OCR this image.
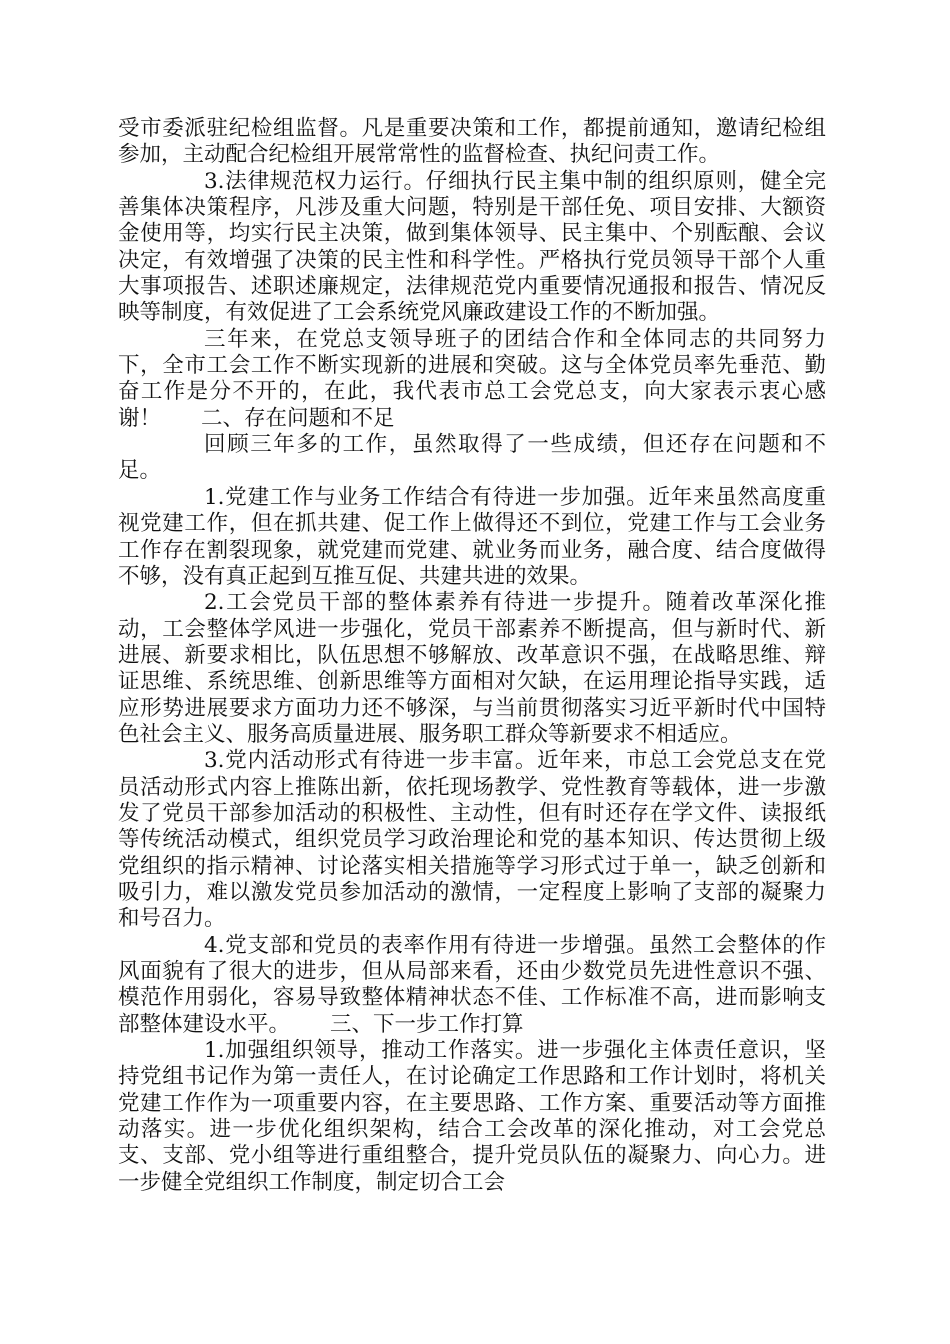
受市委派驻纪检组监督。凡是重要决策和工作，都提前通知，邀请纪检组参加，主动配合纪检组开展常常性的监督检查、执纪问责工作。

3.法律规范权力运行。仔细执行民主集中制的组织原则，健全完善集体决策程序，凡涉及重大问题，特别是干部任免、项目安排、大额资金使用等，均实行民主决策，做到集体领导、民主集中、个别酝酿、会议决定，有效增强了决策的民主性和科学性。严格执行党员领导干部个人重大事项报告、述职述廉规定，法律规范党内重要情况通报和报告、情况反映等制度，有效促进了工会系统党风廉政建设工作的不断加强。

三年来，在党总支领导班子的团结合作和全体同志的共同努力下，全市工会工作不断实现新的进展和突破。这与全体党员率先垂范、勤奋工作是分不开的，在此，我代表市总工会党总支，向大家表示衷心感谢！ 二、存在问题和不足

回顾三年多的工作，虽然取得了一些成绩，但还存在问题和不足。

1.党建工作与业务工作结合有待进一步加强。近年来虽然高度重视党建工作，但在抓共建、促工作上做得还不到位，党建工作与工会业务工作存在割裂现象，就党建而党建、就业务而业务，融合度、结合度做得不够，没有真正起到互推互促、共建共进的效果。

2.工会党员干部的整体素养有待进一步提升。随着改革深化推动，工会整体学风进一步强化，党员干部素养不断提高，但与新时代、新进展、新要求相比，队伍思想不够解放、改革意识不强，在战略思维、辩证思维、系统思维、创新思维等方面相对欠缺，在运用理论指导实践，适应形势进展要求方面功力还不够深，与当前贯彻落实习近平新时代中国特色社会主义、服务高质量进展、服务职工群众等新要求不相适应。

3.党内活动形式有待进一步丰富。近年来，市总工会党总支在党员活动形式内容上推陈出新，依托现场教学、党性教育等载体，进一步激发了党员干部参加活动的积极性、主动性，但有时还存在学文件、读报纸等传统活动模式，组织党员学习政治理论和党的基本知识、传达贯彻上级党组织的指示精神、讨论落实相关措施等学习形式过于单一，缺乏创新和吸引力，难以激发党员参加活动的激情，一定程度上影响了支部的凝聚力和号召力。

4.党支部和党员的表率作用有待进一步增强。虽然工会整体的作风面貌有了很大的进步，但从局部来看，还由少数党员先进性意识不强、模范作用弱化，容易导致整体精神状态不佳、工作标准不高，进而影响支部整体建设水平。 三、下一步工作打算

1.加强组织领导，推动工作落实。进一步强化主体责任意识，坚持党组书记作为第一责任人，在讨论确定工作思路和工作计划时，将机关党建工作作为一项重要内容，在主要思路、工作方案、重要活动等方面推动落实。进一步优化组织架构，结合工会改革的深化推动，对工会党总支、支部、党小组等进行重组整合，提升党员队伍的凝聚力、向心力。进一步健全党组织工作制度，制定切合工会
